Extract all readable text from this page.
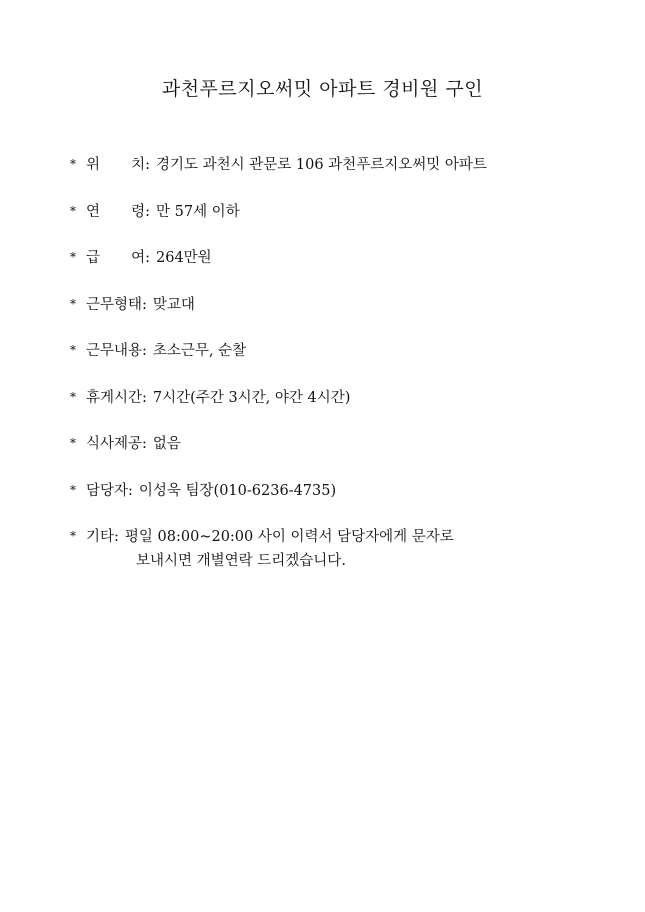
과천푸르지오써밋 아파트 경비원 구인
* 위 치: 경기도 과천시 관문로 106 과천푸르지오써밋 아파트
* 연 령: 만 57세 이하
* 급 여: 264만원
* 근무형태: 맞교대
* 근무내용: 초소근무, 순찰
* 휴게시간: 7시간(주간 3시간, 야간 4시간)
* 식사제공: 없음
* 담당자: 이성욱 팀장(010-6236-4735)
* 기타: 평일 08:00~20:00 사이 이력서 담당자에게 문자로
보내시면 개별연락 드리겠습니다.
